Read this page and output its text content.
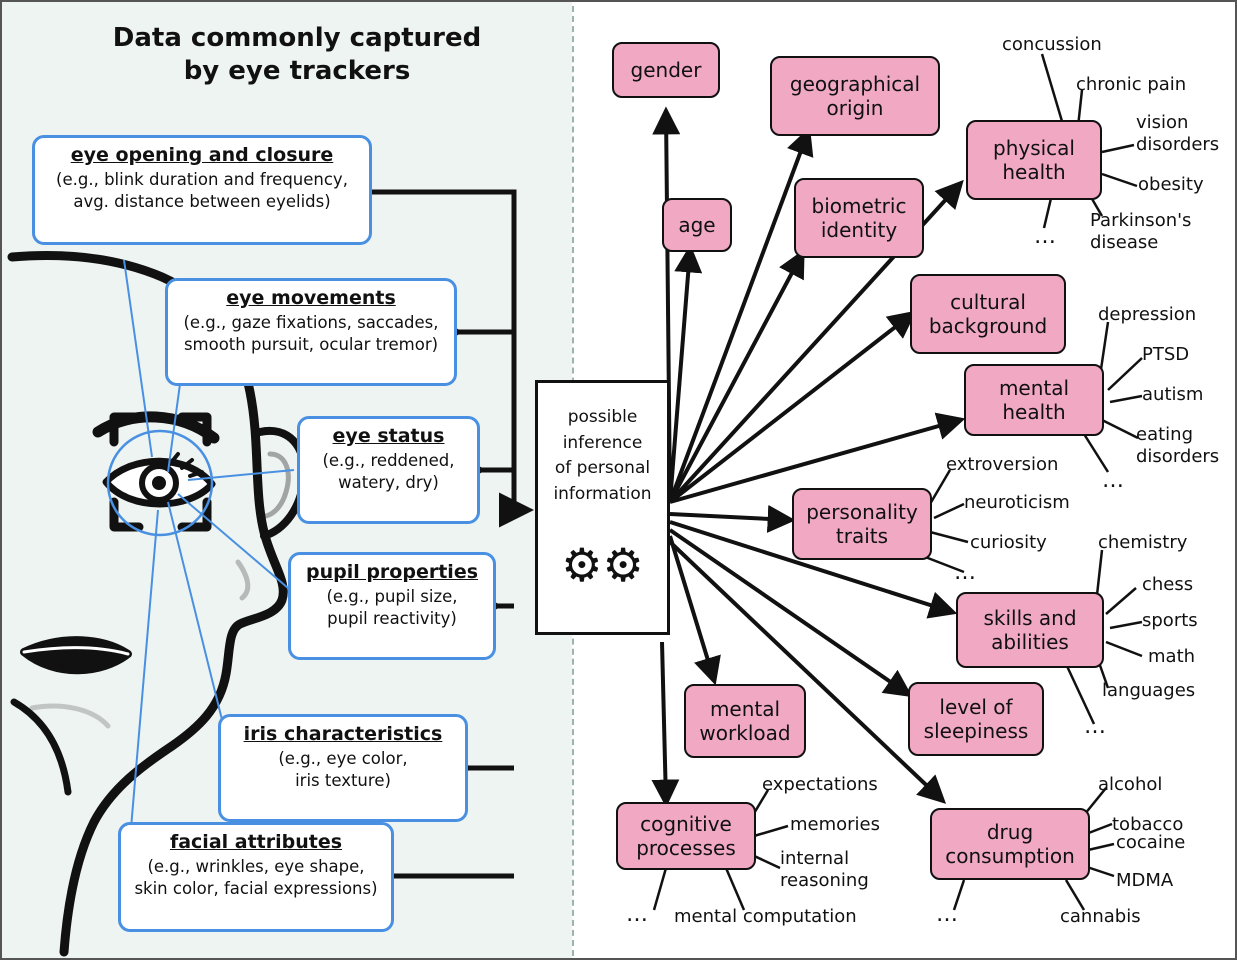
Data commonly captured
by eye trackers
eye opening and closure
(e.g., blink duration and frequency,
avg. distance between eyelids)
eye movements
(e.g., gaze fixations, saccades,
smooth pursuit, ocular tremor)
eye status
(e.g., reddened,
watery, dry)
pupil properties
(e.g., pupil size,
pupil reactivity)
iris characteristics
(e.g., eye color,
iris texture)
facial attributes
(e.g., wrinkles, eye shape,
skin color, facial expressions)
possible
inference
of personal
information
⚙⚙
gender
age
geographical
origin
biometric
identity
physical
health
cultural
background
mental
health
personality
traits
skills and
abilities
mental
workload
level of
sleepiness
cognitive
processes
drug
consumption
concussion
chronic pain
vision disorders
obesity
Parkinson's disease
…
depression
PTSD
autism
eating disorders
…
extroversion
neuroticism
curiosity
…
chemistry
chess
sports
math
languages
…
expectations
memories
internal reasoning
mental computation
…
alcohol
tobacco
cocaine
MDMA
cannabis
…
